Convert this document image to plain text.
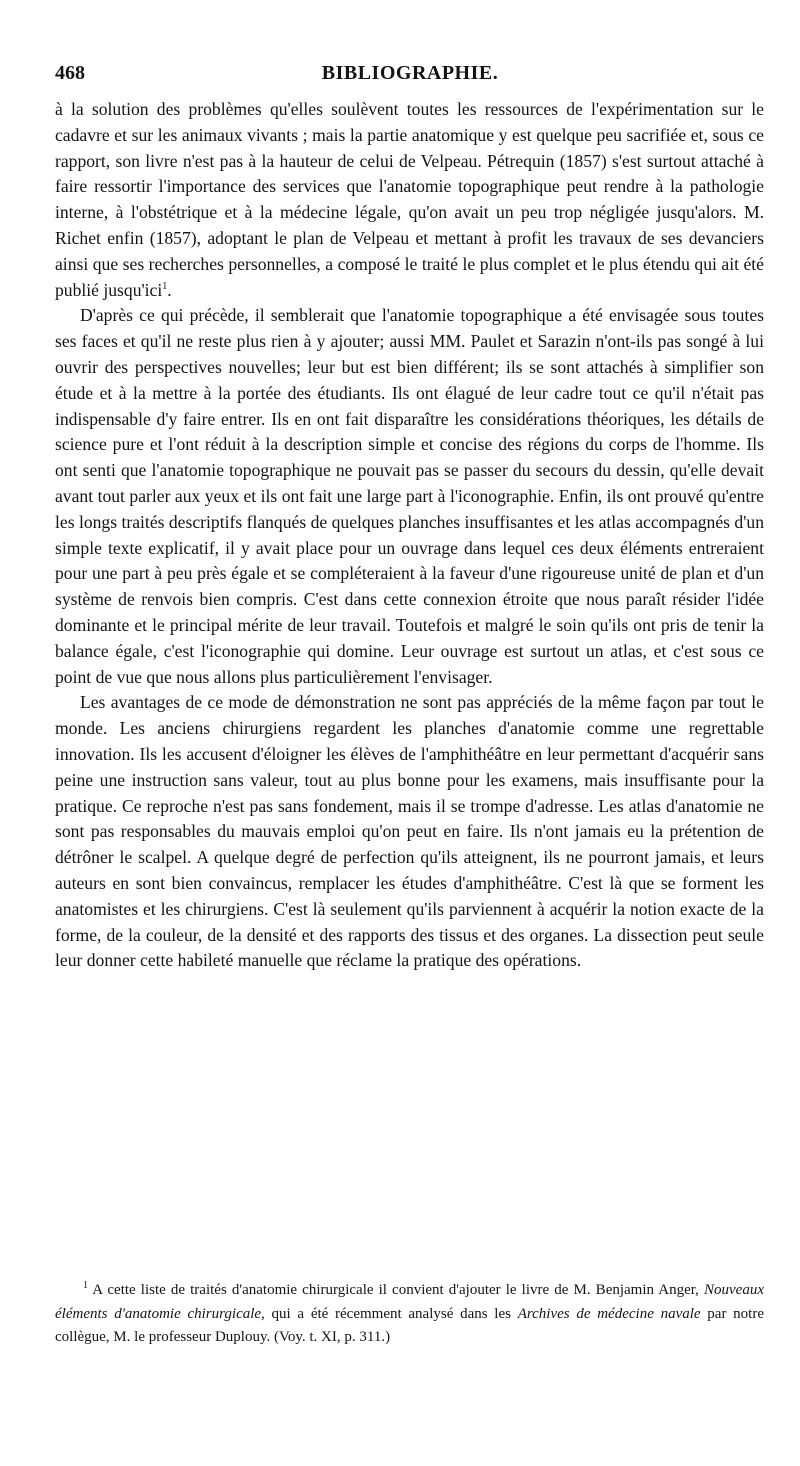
468	BIBLIOGRAPHIE.

à la solution des problèmes qu'elles soulèvent toutes les ressources de l'expérimentation sur le cadavre et sur les animaux vivants ; mais la partie anatomique y est quelque peu sacrifiée et, sous ce rapport, son livre n'est pas à la hauteur de celui de Velpeau. Pétrequin (1857) s'est surtout attaché à faire ressortir l'importance des services que l'anatomie topographique peut rendre à la pathologie interne, à l'obstétrique et à la médecine légale, qu'on avait un peu trop négligée jusqu'alors. M. Richet enfin (1857), adoptant le plan de Velpeau et mettant à profit les travaux de ses devanciers ainsi que ses recherches personnelles, a composé le traité le plus complet et le plus étendu qui ait été publié jusqu'ici$^1$.

D'après ce qui précède, il semblerait que l'anatomie topographique a été envisagée sous toutes ses faces et qu'il ne reste plus rien à y ajouter; aussi MM. Paulet et Sarazin n'ont-ils pas songé à lui ouvrir des perspectives nouvelles; leur but est bien différent; ils se sont attachés à simplifier son étude et à la mettre à la portée des étudiants. Ils ont élagué de leur cadre tout ce qu'il n'était pas indispensable d'y faire entrer. Ils en ont fait disparaître les considérations théoriques, les détails de science pure et l'ont réduit à la description simple et concise des régions du corps de l'homme. Ils ont senti que l'anatomie topographique ne pouvait pas se passer du secours du dessin, qu'elle devait avant tout parler aux yeux et ils ont fait une large part à l'iconographie. Enfin, ils ont prouvé qu'entre les longs traités descriptifs flanqués de quelques planches insuffisantes et les atlas accompagnés d'un simple texte explicatif, il y avait place pour un ouvrage dans lequel ces deux éléments entreraient pour une part à peu près égale et se compléteraient à la faveur d'une rigoureuse unité de plan et d'un système de renvois bien compris. C'est dans cette connexion étroite que nous paraît résider l'idée dominante et le principal mérite de leur travail. Toutefois et malgré le soin qu'ils ont pris de tenir la balance égale, c'est l'iconographie qui domine. Leur ouvrage est surtout un atlas, et c'est sous ce point de vue que nous allons plus particulièrement l'envisager.

Les avantages de ce mode de démonstration ne sont pas appréciés de la même façon par tout le monde. Les anciens chirurgiens regardent les planches d'anatomie comme une regrettable innovation. Ils les accusent d'éloigner les élèves de l'amphithéâtre en leur permettant d'acquérir sans peine une instruction sans valeur, tout au plus bonne pour les examens, mais insuffisante pour la pratique. Ce reproche n'est pas sans fondement, mais il se trompe d'adresse. Les atlas d'anatomie ne sont pas responsables du mauvais emploi qu'on peut en faire. Ils n'ont jamais eu la prétention de détrôner le scalpel. A quelque degré de perfection qu'ils atteignent, ils ne pourront jamais, et leurs auteurs en sont bien convaincus, remplacer les études d'amphithéâtre. C'est là que se forment les anatomistes et les chirurgiens. C'est là seulement qu'ils parviennent à acquérir la notion exacte de la forme, de la couleur, de la densité et des rapports des tissus et des organes. La dissection peut seule leur donner cette habileté manuelle que réclame la pratique des opérations.

$^1$ A cette liste de traités d'anatomie chirurgicale il convient d'ajouter le livre de M. Benjamin Anger, Nouveaux éléments d'anatomie chirurgicale, qui a été récemment analysé dans les Archives de médecine navale par notre collègue, M. le professeur Duplouy. (Voy. t. XI, p. 311.)
